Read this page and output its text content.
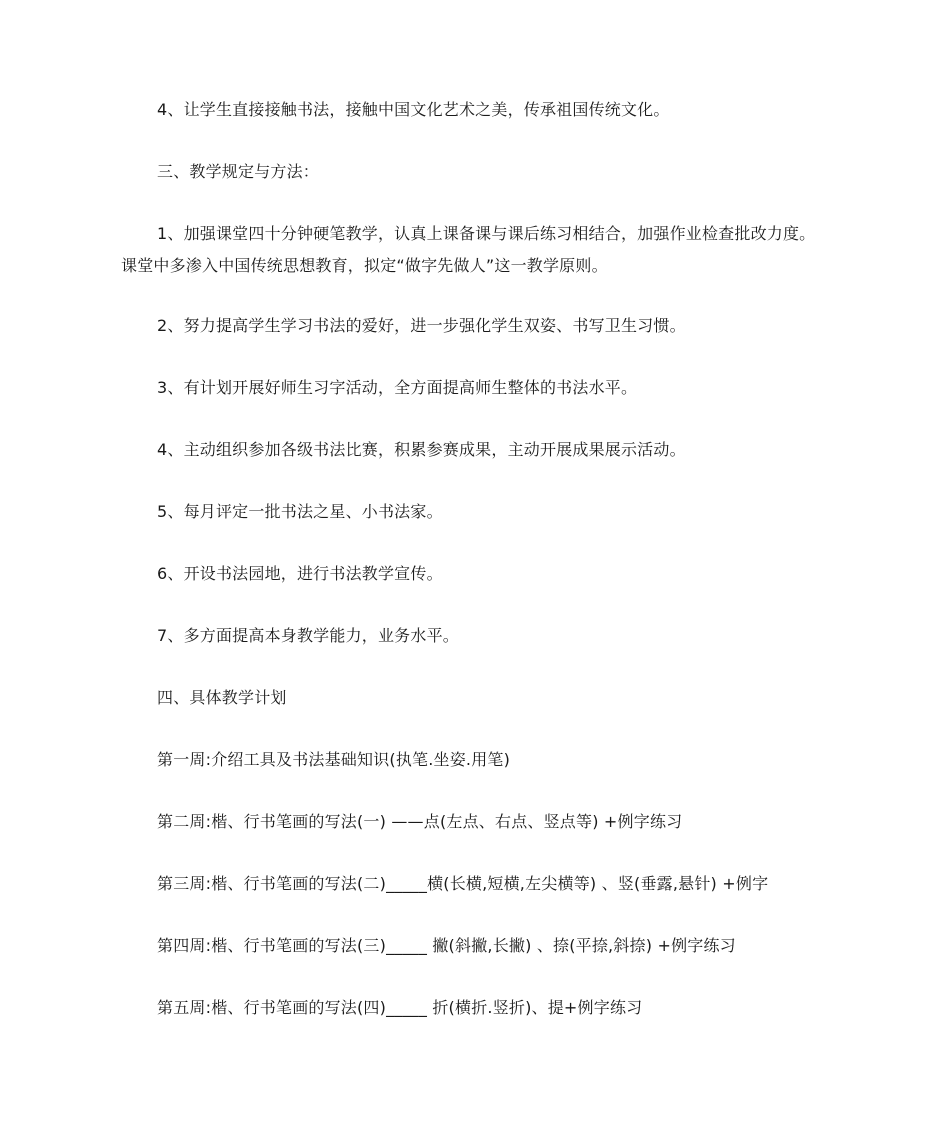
4、让学生直接接触书法，接触中国文化艺术之美，传承祖国传统文化。
三、教学规定与方法：
1、加强课堂四十分钟硬笔教学，认真上课备课与课后练习相结合，加强作业检查批改力度。课堂中多渗入中国传统思想教育，拟定“做字先做人”这一教学原则。
2、努力提高学生学习书法的爱好，进一步强化学生双姿、书写卫生习惯。
3、有计划开展好师生习字活动，全方面提高师生整体的书法水平。
4、主动组织参加各级书法比赛，积累参赛成果，主动开展成果展示活动。
5、每月评定一批书法之星、小书法家。
6、开设书法园地，进行书法教学宣传。
7、多方面提高本身教学能力，业务水平。
四、具体教学计划
第一周:介绍工具及书法基础知识(执笔.坐姿.用笔)
第二周:楷、行书笔画的写法(一) ——点(左点、右点、竖点等) +例字练习
第三周:楷、行书笔画的写法(二)_____横(长横,短横,左尖横等) 、竖(垂露,悬针) +例字
第四周:楷、行书笔画的写法(三)_____ 撇(斜撇,长撇) 、捺(平捺,斜捺) +例字练习
第五周:楷、行书笔画的写法(四)_____ 折(横折.竖折)、提+例字练习
